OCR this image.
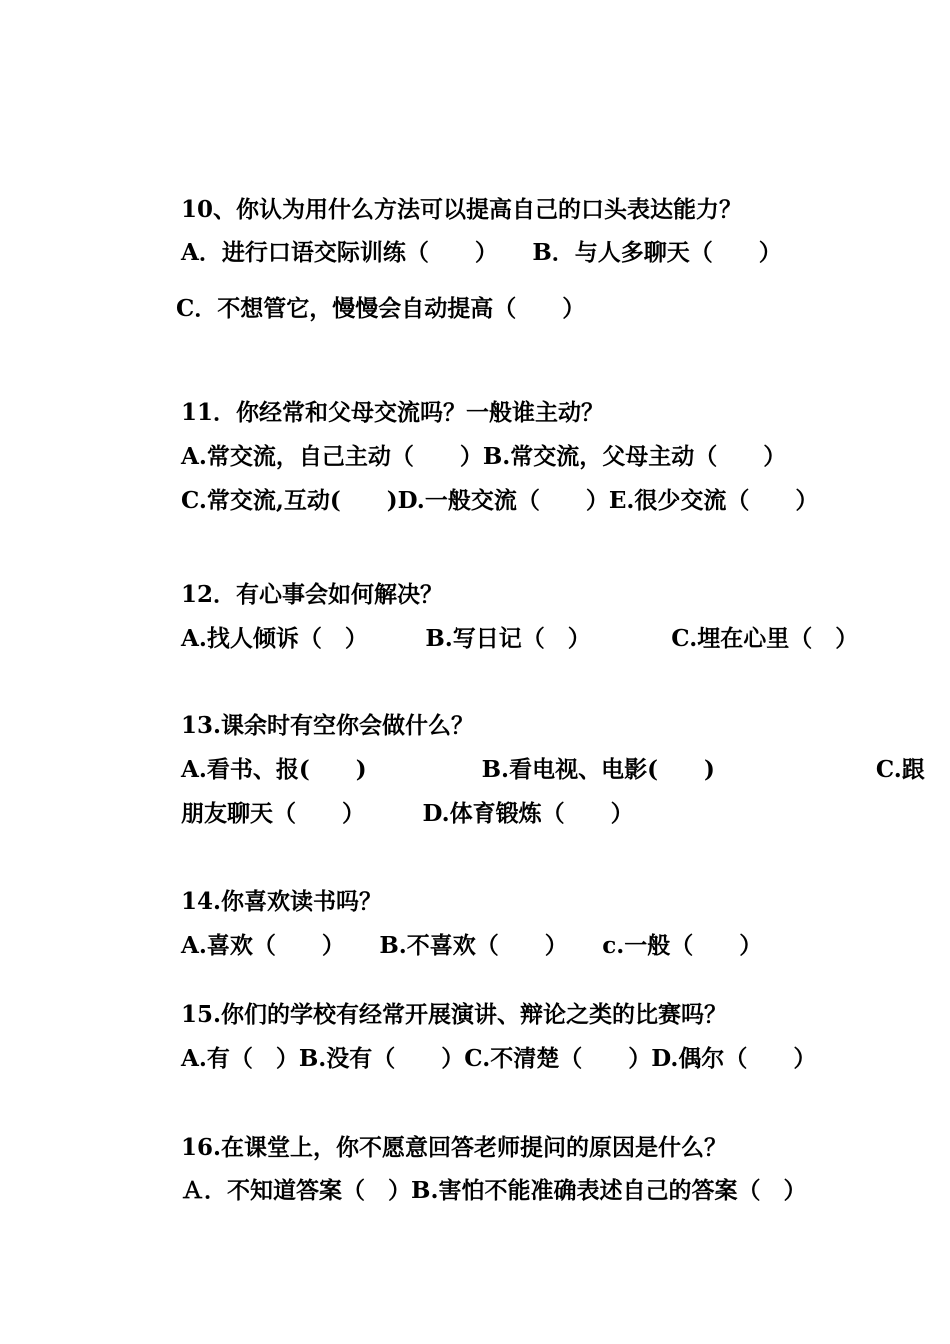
10、你认为用什么方法可以提高自己的口头表达能力？
A．进行口语交际训练（　　）　　B．与人多聊天（　　）
C．不想管它，慢慢会自动提高（　　）
11．你经常和父母交流吗？一般谁主动？
A.常交流，自己主动（　　）B.常交流，父母主动（　　）
C.常交流,互动(　　)D.一般交流（　　）E.很少交流（　　）
12．有心事会如何解决？
A.找人倾诉（　）　　　B.写日记（　）　　　　C.埋在心里（　）
13.课余时有空你会做什么？
A.看书、报(　　)　　　　　B.看电视、电影(　　)　　　　　　　C.跟
朋友聊天（　　）　　　D.体育锻炼（　　）
14.你喜欢读书吗？
A.喜欢（　　）　　B.不喜欢（　　）　　c.一般（　　）
15.你们的学校有经常开展演讲、辩论之类的比赛吗？
A.有（　）B.没有（　　）C.不清楚（　　）D.偶尔（　　）
16.在课堂上，你不愿意回答老师提问的原因是什么？
Ａ．不知道答案（　）B.害怕不能准确表述自己的答案（　）
